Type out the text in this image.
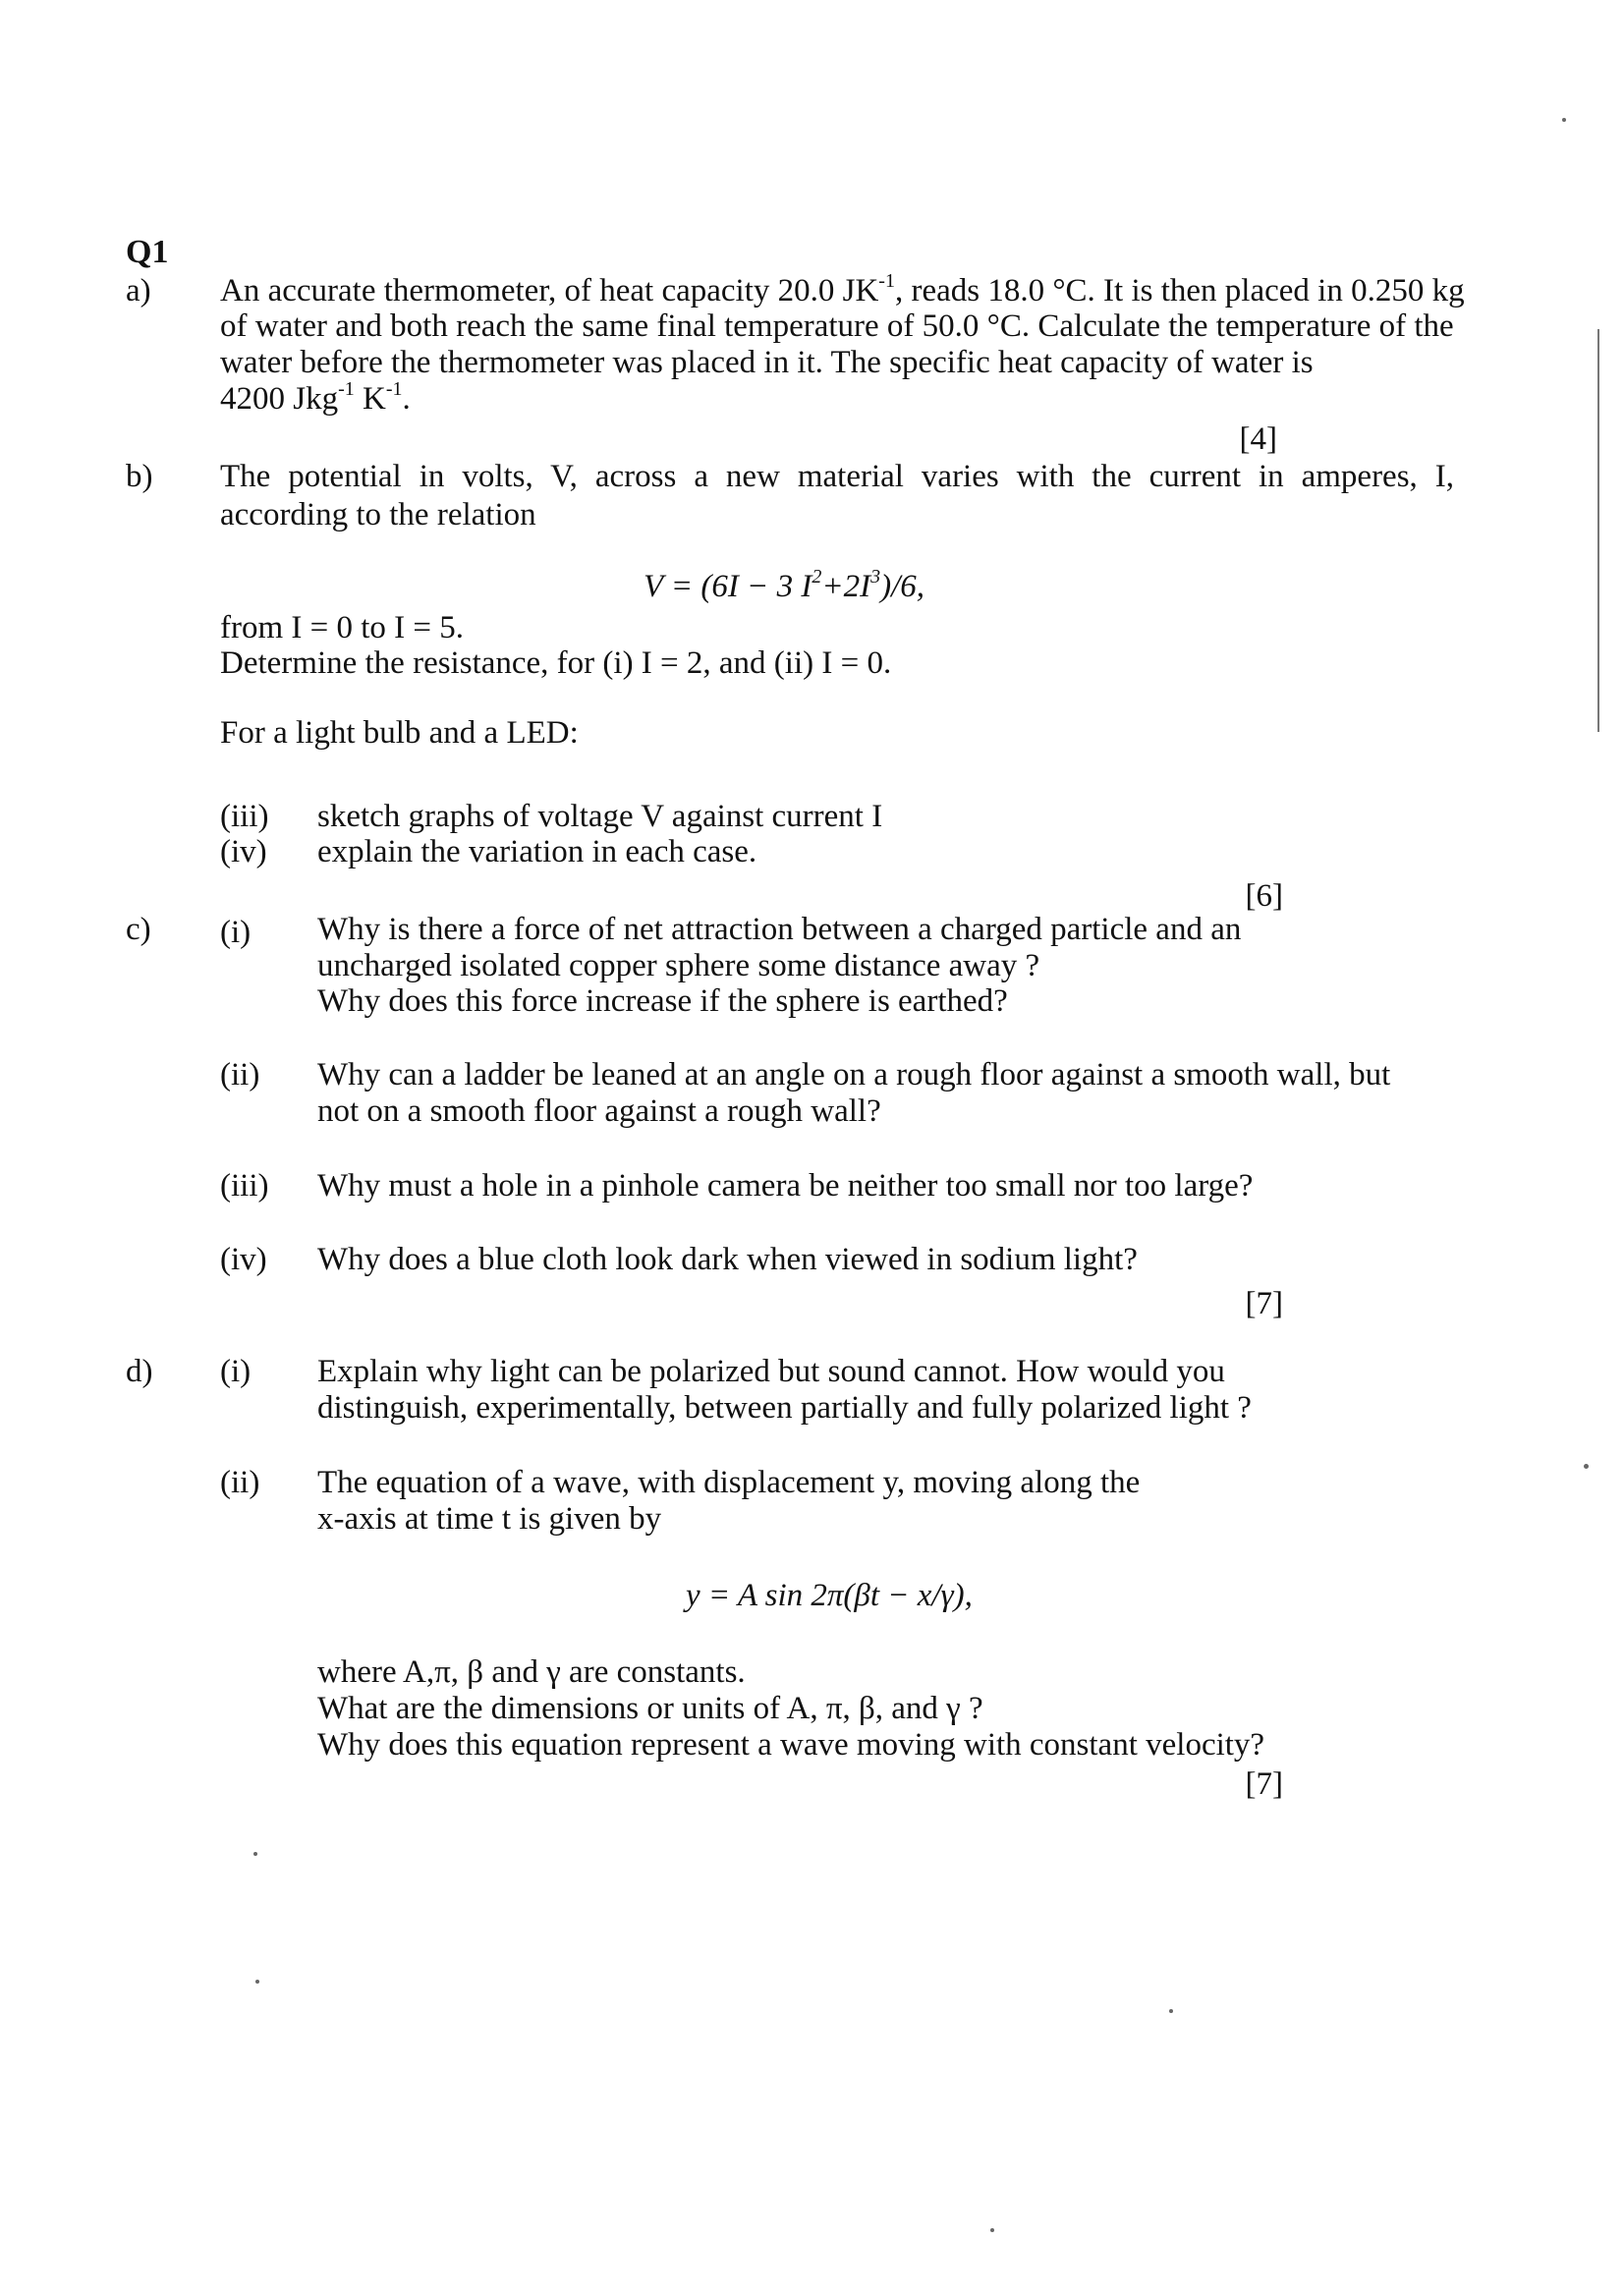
Q1
a) An accurate thermometer, of heat capacity 20.0 $JK^{-1}$, reads 18.0 °C. It is then placed in 0.250 kg
of water and both reach the same final temperature of 50.0 °C. Calculate the temperature of the
water before the thermometer was placed in it. The specific heat capacity of water is
4200 Jkg$^{-1}$ $K^{-1}$.
[4]
b) The potential in volts, V, across a new material varies with the current in amperes, I,
according to the relation
V = (6I − 3 $I^2+2I^3)/6$,
from I = 0 to I = 5.
Determine the resistance, for (i) I = 2, and (ii) I = 0.
For a light bulb and a LED:
(iii) sketch graphs of voltage V against current I
(iv) explain the variation in each case.
[6]
c) (i) Why is there a force of net attraction between a charged particle and an
uncharged isolated copper sphere some distance away ?
Why does this force increase if the sphere is earthed?
(ii) Why can a ladder be leaned at an angle on a rough floor against a smooth wall, but
not on a smooth floor against a rough wall?
(iii) Why must a hole in a pinhole camera be neither too small nor too large?
(iv) Why does a blue cloth look dark when viewed in sodium light?
[7]
d) (i) Explain why light can be polarized but sound cannot. How would you
distinguish, experimentally, between partially and fully polarized light ?
(ii) The equation of a wave, with displacement y, moving along the
x-axis at time t is given by
y = A sin 2π(βt − x/γ),
where A,π, β and γ are constants.
What are the dimensions or units of A, π, β, and γ ?
Why does this equation represent a wave moving with constant velocity?
[7]
